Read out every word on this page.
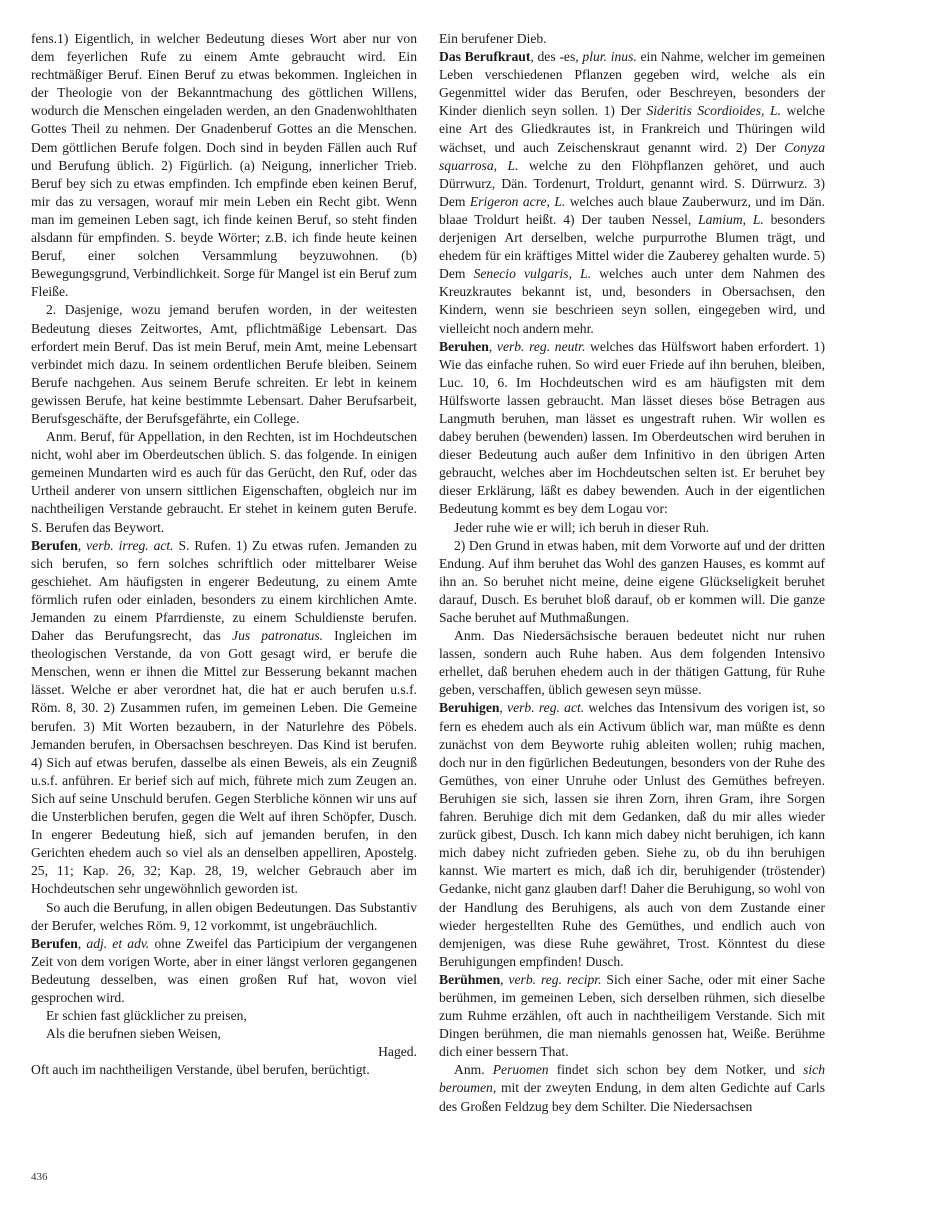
fens.1) Eigentlich, in welcher Bedeutung dieses Wort aber nur von dem feyerlichen Rufe zu einem Amte gebraucht wird. Ein rechtmäßiger Beruf. Einen Beruf zu etwas bekommen. Ingleichen in der Theologie von der Bekanntmachung des göttlichen Willens, wodurch die Menschen eingeladen werden, an den Gnadenwohlthaten Gottes Theil zu nehmen. Der Gnadenberuf Gottes an die Menschen. Dem göttlichen Berufe folgen. Doch sind in beyden Fällen auch Ruf und Berufung üblich. 2) Figürlich. (a) Neigung, innerlicher Trieb. Beruf bey sich zu etwas empfinden. Ich empfinde eben keinen Beruf, mir das zu versagen, worauf mir mein Leben ein Recht gibt. Wenn man im gemeinen Leben sagt, ich finde keinen Beruf, so steht finden alsdann für empfinden. S. beyde Wörter; z.B. ich finde heute keinen Beruf, einer solchen Versammlung beyzuwohnen. (b) Bewegungsgrund, Verbindlichkeit. Sorge für Mangel ist ein Beruf zum Fleiße.

2. Dasjenige, wozu jemand berufen worden, in der weitesten Bedeutung dieses Zeitwortes, Amt, pflichtmäßige Lebensart. Das erfordert mein Beruf. Das ist mein Beruf, mein Amt, meine Lebensart verbindet mich dazu. In seinem ordentlichen Berufe bleiben. Seinem Berufe nachgehen. Aus seinem Berufe schreiten. Er lebt in keinem gewissen Berufe, hat keine bestimmte Lebensart. Daher Berufsarbeit, Berufsgeschäfte, der Berufsgefährte, ein College.

Anm. Beruf, für Appellation, in den Rechten, ist im Hochdeutschen nicht, wohl aber im Oberdeutschen üblich. S. das folgende. In einigen gemeinen Mundarten wird es auch für das Gerücht, den Ruf, oder das Urtheil anderer von unsern sittlichen Eigenschaften, obgleich nur im nachtheiligen Verstande gebraucht. Er stehet in keinem guten Berufe. S. Berufen das Beywort.

Berufen, verb. irreg. act. S. Rufen. 1) Zu etwas rufen. Jemanden zu sich berufen, so fern solches schriftlich oder mittelbarer Weise geschiehet. Am häufigsten in engerer Bedeutung, zu einem Amte förmlich rufen oder einladen, besonders zu einem kirchlichen Amte. Jemanden zu einem Pfarrdienste, zu einem Schuldienste berufen. Daher das Berufungsrecht, das Jus patronatus. Ingleichen im theologischen Verstande, da von Gott gesagt wird, er berufe die Menschen, wenn er ihnen die Mittel zur Besserung bekannt machen lässet. Welche er aber verordnet hat, die hat er auch berufen u.s.f. Röm. 8, 30. 2) Zusammen rufen, im gemeinen Leben. Die Gemeine berufen. 3) Mit Worten bezaubern, in der Naturlehre des Pöbels. Jemanden berufen, in Obersachsen beschreyen. Das Kind ist berufen. 4) Sich auf etwas berufen, dasselbe als einen Beweis, als ein Zeugniß u.s.f. anführen. Er berief sich auf mich, führete mich zum Zeugen an. Sich auf seine Unschuld berufen. Gegen Sterbliche können wir uns auf die Unsterblichen berufen, gegen die Welt auf ihren Schöpfer, Dusch. In engerer Bedeutung hieß, sich auf jemanden berufen, in den Gerichten ehedem auch so viel als an denselben appelliren, Apostelg. 25, 11; Kap. 26, 32; Kap. 28, 19, welcher Gebrauch aber im Hochdeutschen sehr ungewöhnlich geworden ist.

So auch die Berufung, in allen obigen Bedeutungen. Das Substantiv der Berufer, welches Röm. 9, 12 vorkommt, ist ungebräuchlich.

Berufen, adj. et adv. ohne Zweifel das Participium der vergangenen Zeit von dem vorigen Worte, aber in einer längst verloren gegangenen Bedeutung desselben, was einen großen Ruf hat, wovon viel gesprochen wird.

Er schien fast glücklicher zu preisen,

Als die berufnen sieben Weisen,

Haged.

Oft auch im nachtheiligen Verstande, übel berufen, berüchtigt.

Ein berufener Dieb.

Das Berufkraut, des -es, plur. inus. ein Nahme, welcher im gemeinen Leben verschiedenen Pflanzen gegeben wird, welche als ein Gegenmittel wider das Berufen, oder Beschreyen, besonders der Kinder dienlich seyn sollen. 1) Der Sideritis Scordioides, L. welche eine Art des Gliedkrautes ist, in Frankreich und Thüringen wild wächset, und auch Zeischenskraut genannt wird. 2) Der Conyza squarrosa, L. welche zu den Flöhpflanzen gehöret, und auch Dürrwurz, Dän. Tordenurt, Troldurt, genannt wird. S. Dürrwurz. 3) Dem Erigeron acre, L. welches auch blaue Zauberwurz, und im Dän. blaae Troldurt heißt. 4) Der tauben Nessel, Lamium, L. besonders derjenigen Art derselben, welche purpurrothe Blumen trägt, und ehedem für ein kräftiges Mittel wider die Zauberey gehalten wurde. 5) Dem Senecio vulgaris, L. welches auch unter dem Nahmen des Kreuzkrautes bekannt ist, und, besonders in Obersachsen, den Kindern, wenn sie beschrieen seyn sollen, eingegeben wird, und vielleicht noch andern mehr.

Beruhen, verb. reg. neutr. welches das Hülfswort haben erfordert. 1) Wie das einfache ruhen. So wird euer Friede auf ihn beruhen, bleiben, Luc. 10, 6. Im Hochdeutschen wird es am häufigsten mit dem Hülfsworte lassen gebraucht. Man lässet dieses böse Betragen aus Langmuth beruhen, man lässet es ungestraft ruhen. Wir wollen es dabey beruhen (bewenden) lassen. Im Oberdeutschen wird beruhen in dieser Bedeutung auch außer dem Infinitivo in den übrigen Arten gebraucht, welches aber im Hochdeutschen selten ist. Er beruhet bey dieser Erklärung, läßt es dabey bewenden. Auch in der eigentlichen Bedeutung kommt es bey dem Logau vor:

Jeder ruhe wie er will; ich beruh in dieser Ruh.

2) Den Grund in etwas haben, mit dem Vorworte auf und der dritten Endung. Auf ihm beruhet das Wohl des ganzen Hauses, es kommt auf ihn an. So beruhet nicht meine, deine eigene Glückseligkeit beruhet darauf, Dusch. Es beruhet bloß darauf, ob er kommen will. Die ganze Sache beruhet auf Muthmaßungen.

Anm. Das Niedersächsische berauen bedeutet nicht nur ruhen lassen, sondern auch Ruhe haben. Aus dem folgenden Intensivo erhellet, daß beruhen ehedem auch in der thätigen Gattung, für Ruhe geben, verschaffen, üblich gewesen seyn müsse.

Beruhigen, verb. reg. act. welches das Intensivum des vorigen ist, so fern es ehedem auch als ein Activum üblich war, man müßte es denn zunächst von dem Beyworte ruhig ableiten wollen; ruhig machen, doch nur in den figürlichen Bedeutungen, besonders von der Ruhe des Gemüthes, von einer Unruhe oder Unlust des Gemüthes befreyen. Beruhigen sie sich, lassen sie ihren Zorn, ihren Gram, ihre Sorgen fahren. Beruhige dich mit dem Gedanken, daß du mir alles wieder zurück gibest, Dusch. Ich kann mich dabey nicht beruhigen, ich kann mich dabey nicht zufrieden geben. Siehe zu, ob du ihn beruhigen kannst. Wie martert es mich, daß ich dir, beruhigender (tröstender) Gedanke, nicht ganz glauben darf! Daher die Beruhigung, so wohl von der Handlung des Beruhigens, als auch von dem Zustande einer wieder hergestellten Ruhe des Gemüthes, und endlich auch von demjenigen, was diese Ruhe gewähret, Trost. Könntest du diese Beruhigungen empfinden! Dusch.

Berühmen, verb. reg. recipr. Sich einer Sache, oder mit einer Sache berühmen, im gemeinen Leben, sich derselben rühmen, sich dieselbe zum Ruhme erzählen, oft auch in nachtheiligem Verstande. Sich mit Dingen berühmen, die man niemahls genossen hat, Weiße. Berühme dich einer bessern That.

Anm. Peruomen findet sich schon bey dem Notker, und sich beroumen, mit der zweyten Endung, in dem alten Gedichte auf Carls des Großen Feldzug bey dem Schilter. Die Niedersachsen

436
